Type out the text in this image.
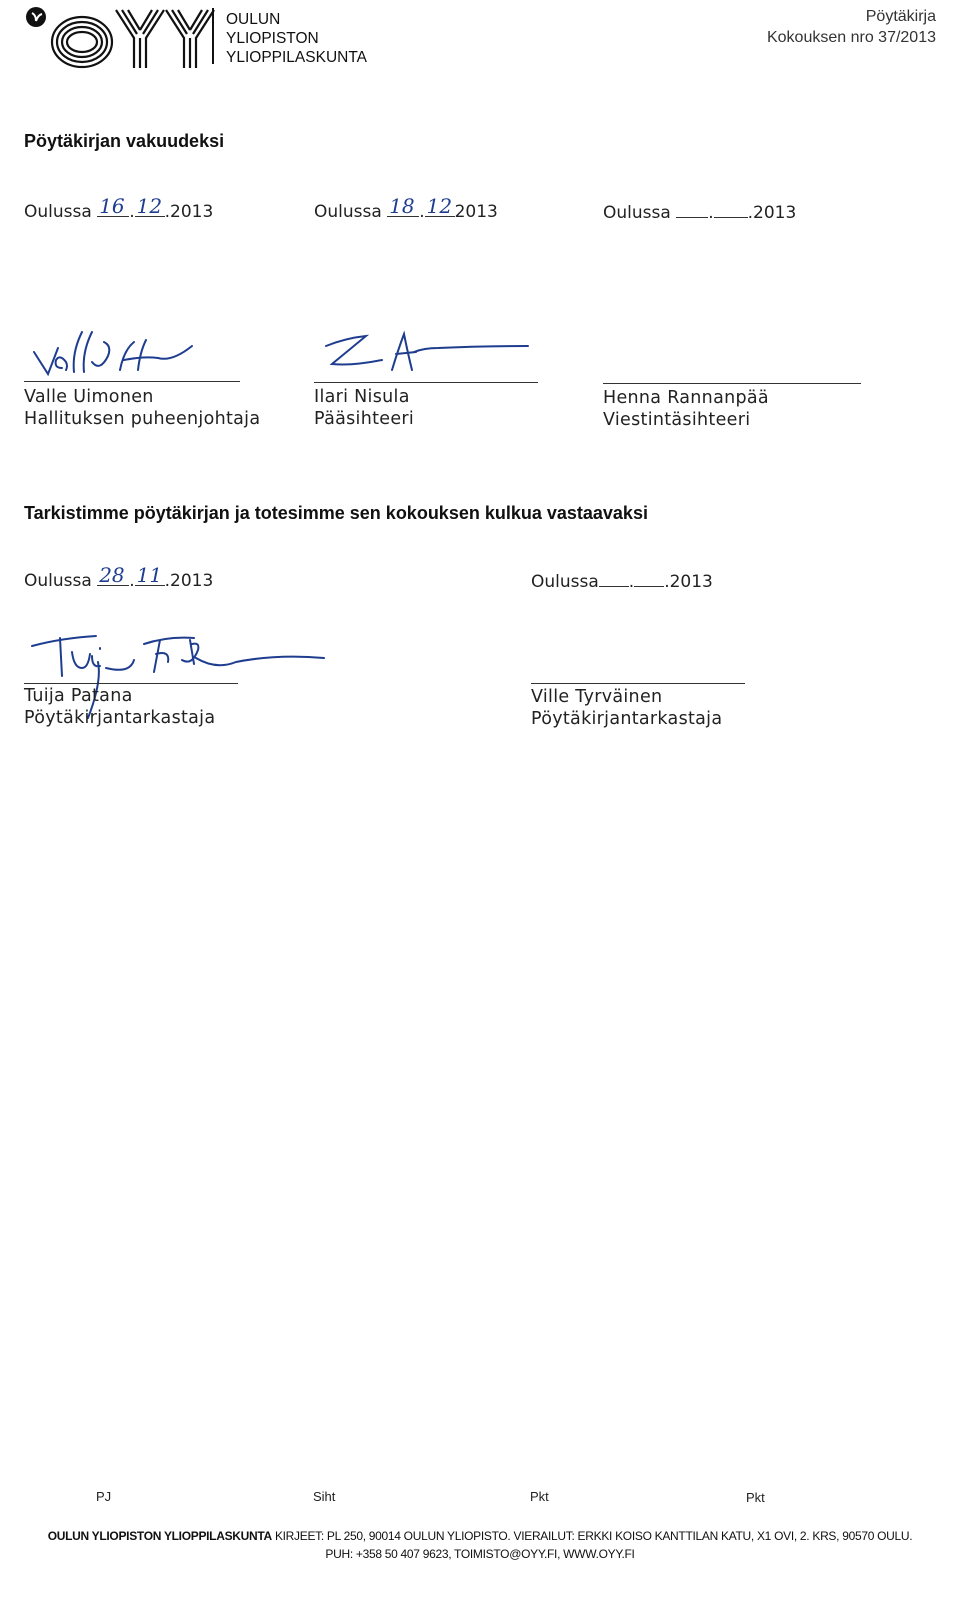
OULUN
YLIOPISTON
YLIOPPILASKUNTA
Pöytäkirja
Kokouksen nro 37/2013
Pöytäkirjan vakuudeksi
Oulussa 16 . 12 .2013	Oulussa 18 . 12 2013	Oulussa . .2013
Valle Uimonen
Hallituksen puheenjohtaja
Ilari Nisula
Pääsihteeri
Henna Rannanpää
Viestintäsihteeri
Tarkistimme pöytäkirjan ja totesimme sen kokouksen kulkua vastaavaksi
Oulussa 28 . 11 .2013	Oulussa . .2013
Tuija Patana
Pöytäkirjantarkastaja
Ville Tyrväinen
Pöytäkirjantarkastaja
PJ	Siht	Pkt	Pkt
OULUN YLIOPISTON YLIOPPILASKUNTA KIRJEET: PL 250, 90014 OULUN YLIOPISTO. VIERAILUT: ERKKI KOISO KANTTILAN KATU, X1 OVI, 2. KRS, 90570 OULU.
PUH: +358 50 407 9623, TOIMISTO@OYY.FI, WWW.OYY.FI
